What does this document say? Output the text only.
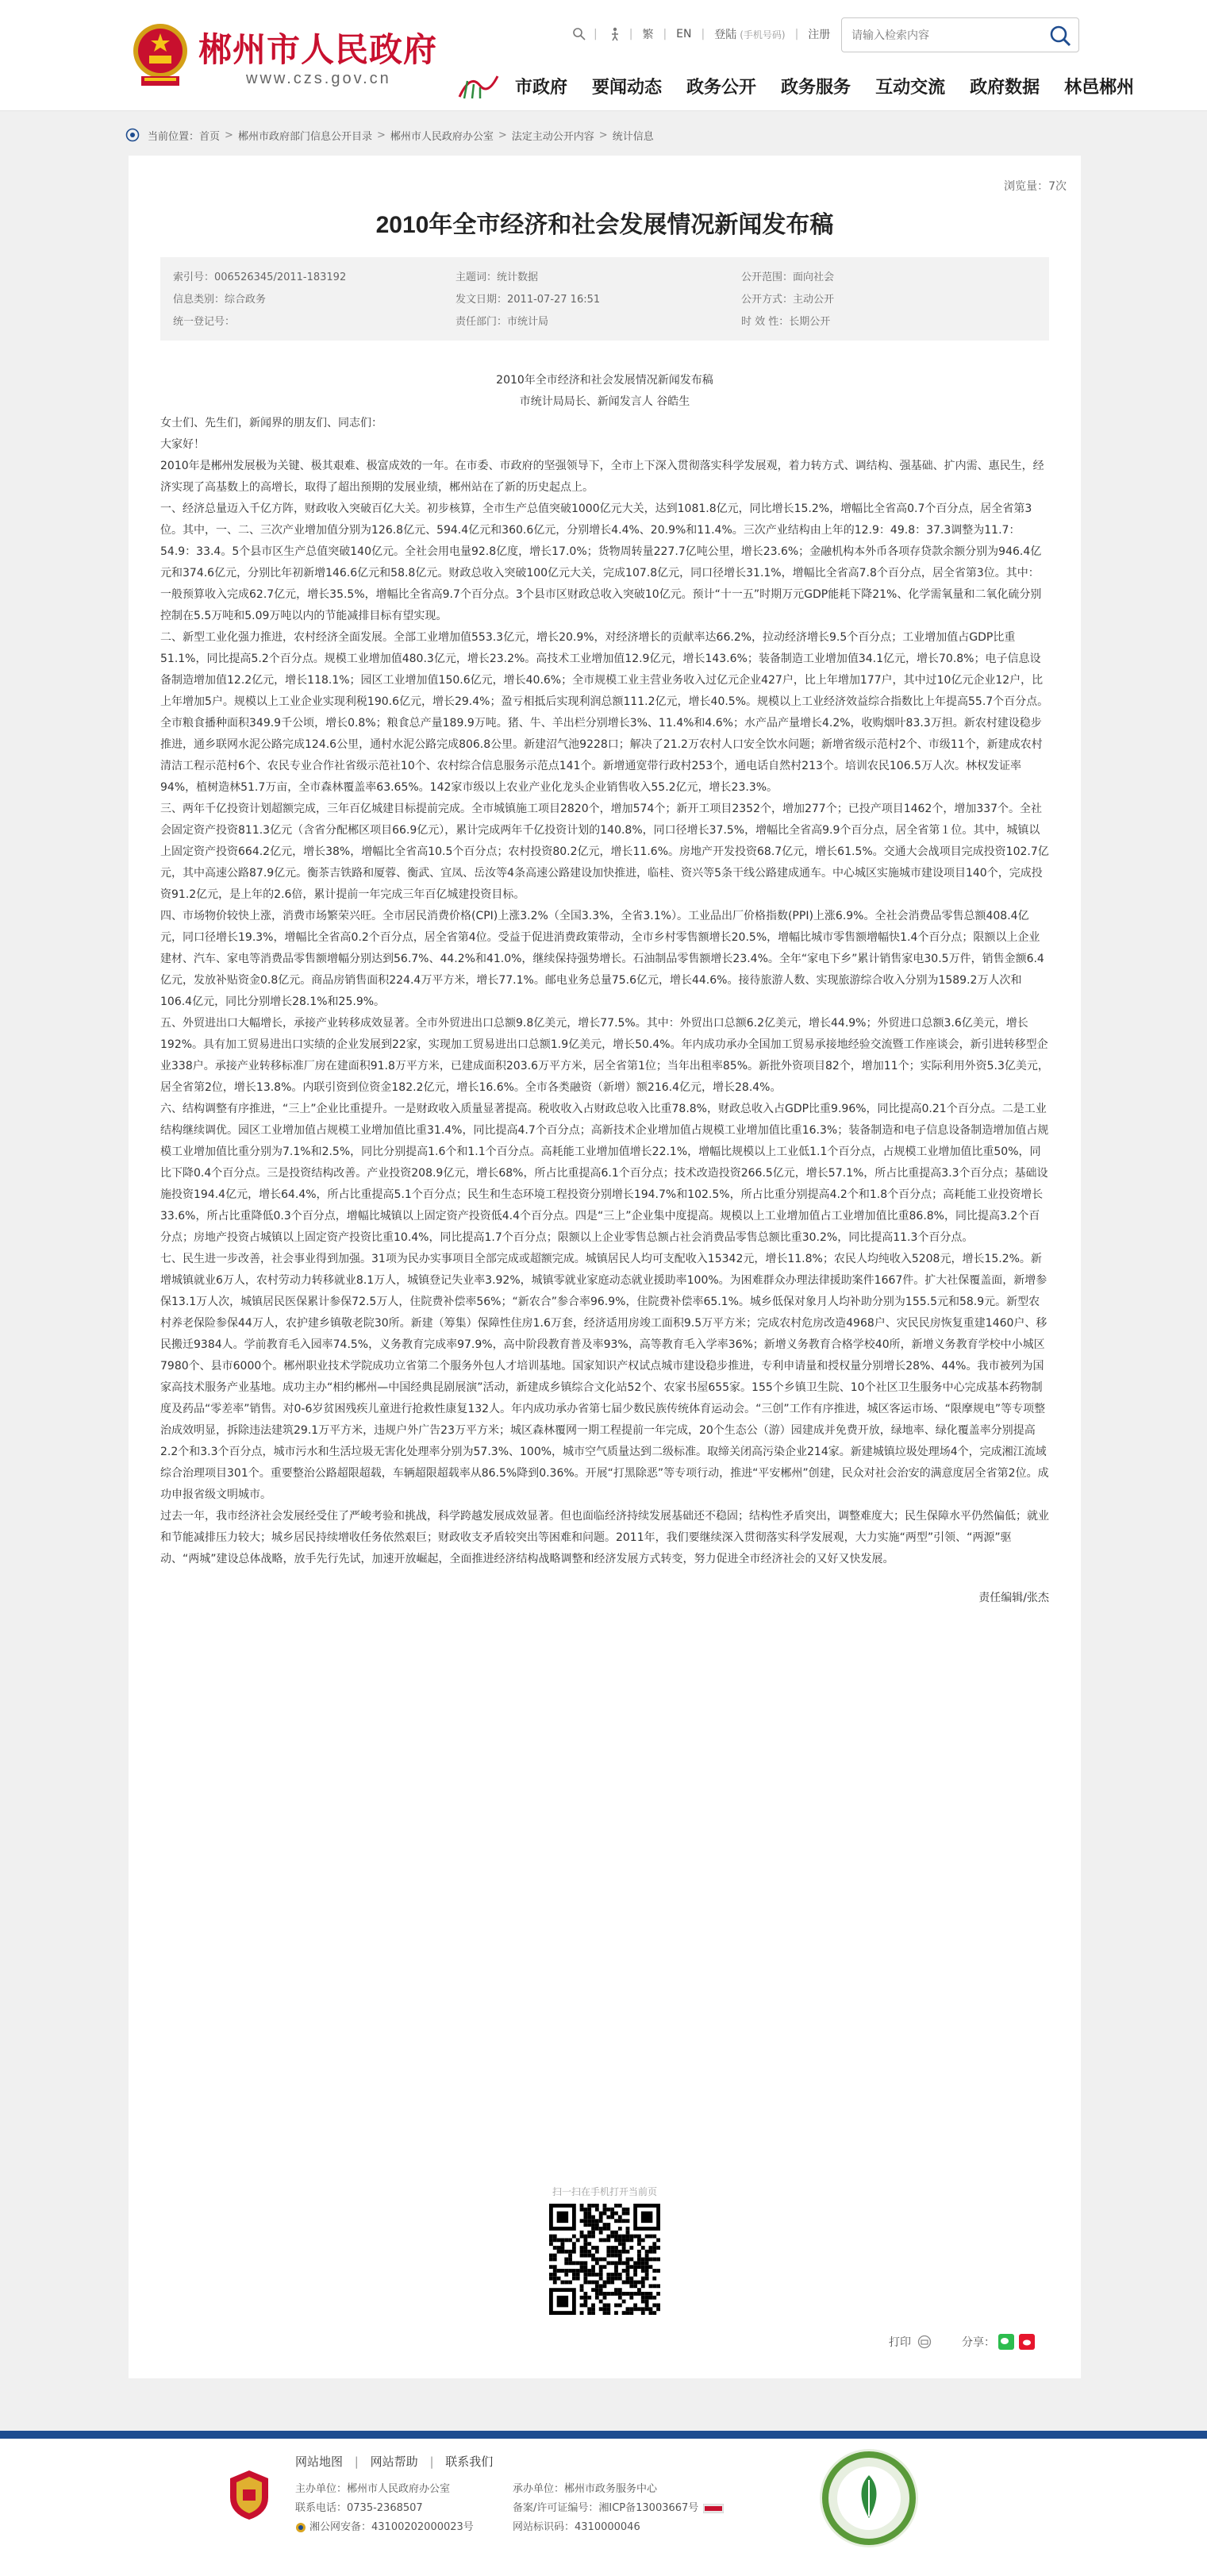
郴州市人民政府
www.czs.gov.cn
|	| 繁 | EN | 登陆 (手机号码) | 注册
请输入检索内容
市政府 要闻动态 政务公开 政务服务 互动交流 政府数据 林邑郴州
当前位置： 首页 > 郴州市政府部门信息公开目录 > 郴州市人民政府办公室 > 法定主动公开内容 > 统计信息
浏览量：7次
2010年全市经济和社会发展情况新闻发布稿
索引号：006526345/2011-183192
信息类别：综合政务
统一登记号：
主题词：统计数据
发文日期：2011-07-27 16:51
责任部门：市统计局
公开范围：面向社会
公开方式：主动公开
时 效 性：长期公开

2010年全市经济和社会发展情况新闻发布稿

市统计局局长、新闻发言人 谷皓生

女士们、先生们，新闻界的朋友们、同志们：

大家好！

2010年是郴州发展极为关键、极其艰难、极富成效的一年。在市委、市政府的坚强领导下，全市上下深入贯彻落实科学发展观，着力转方式、调结构、强基础、扩内需、惠民生，经济实现了高基数上的高增长，取得了超出预期的发展业绩，郴州站在了新的历史起点上。

一、经济总量迈入千亿方阵，财政收入突破百亿大关。初步核算，全市生产总值突破1000亿元大关，达到1081.8亿元，同比增长15.2%，增幅比全省高0.7个百分点，居全省第3位。其中，一、二、三次产业增加值分别为126.8亿元、594.4亿元和360.6亿元，分别增长4.4%、20.9%和11.4%。三次产业结构由上年的12.9：49.8：37.3调整为11.7：54.9：33.4。5个县市区生产总值突破140亿元。全社会用电量92.8亿度，增长17.0%；货物周转量227.7亿吨公里，增长23.6%；金融机构本外币各项存贷款余额分别为946.4亿元和374.6亿元，分别比年初新增146.6亿元和58.8亿元。财政总收入突破100亿元大关，完成107.8亿元，同口径增长31.1%，增幅比全省高7.8个百分点，居全省第3位。其中：一般预算收入完成62.7亿元，增长35.5%，增幅比全省高9.7个百分点。3个县市区财政总收入突破10亿元。预计“十一五”时期万元GDP能耗下降21%、化学需氧量和二氧化硫分别控制在5.5万吨和5.09万吨以内的节能减排目标有望实现。

二、新型工业化强力推进，农村经济全面发展。全部工业增加值553.3亿元，增长20.9%，对经济增长的贡献率达66.2%，拉动经济增长9.5个百分点；工业增加值占GDP比重51.1%，同比提高5.2个百分点。规模工业增加值480.3亿元，增长23.2%。高技术工业增加值12.9亿元，增长143.6%；装备制造工业增加值34.1亿元，增长70.8%；电子信息设备制造增加值12.2亿元，增长118.1%；园区工业增加值150.6亿元，增长40.6%；全市规模工业主营业务收入过亿元企业427户，比上年增加177户，其中过10亿元企业12户，比上年增加5户。规模以上工业企业实现利税190.6亿元，增长29.4%；盈亏相抵后实现利润总额111.2亿元，增长40.5%。规模以上工业经济效益综合指数比上年提高55.7个百分点。

全市粮食播种面积349.9千公顷，增长0.8%；粮食总产量189.9万吨。猪、牛、羊出栏分别增长3%、11.4%和4.6%；水产品产量增长4.2%，收购烟叶83.3万担。新农村建设稳步推进，通乡联网水泥公路完成124.6公里，通村水泥公路完成806.8公里。新建沼气池9228口；解决了21.2万农村人口安全饮水问题；新增省级示范村2个、市级11个，新建成农村清洁工程示范村6个、农民专业合作社省级示范社10个、农村综合信息服务示范点141个。新增通宽带行政村253个，通电话自然村213个。培训农民106.5万人次。林权发证率94%，植树造林51.7万亩，全市森林覆盖率63.65%。142家市级以上农业产业化龙头企业销售收入55.2亿元，增长23.3%。

三、两年千亿投资计划超额完成，三年百亿城建目标提前完成。全市城镇施工项目2820个，增加574个；新开工项目2352个，增加277个；已投产项目1462个，增加337个。全社会固定资产投资811.3亿元（含省分配郴区项目66.9亿元），累计完成两年千亿投资计划的140.8%，同口径增长37.5%，增幅比全省高9.9个百分点，居全省第１位。其中，城镇以上固定资产投资664.2亿元，增长38%，增幅比全省高10.5个百分点；农村投资80.2亿元，增长11.6%。房地产开发投资68.7亿元，增长61.5%。交通大会战项目完成投资102.7亿元，其中高速公路87.9亿元。衡茶吉铁路和厦蓉、衡武、宜凤、岳汝等4条高速公路建设加快推进，临桂、资兴等5条干线公路建成通车。中心城区实施城市建设项目140个，完成投资91.2亿元，是上年的2.6倍，累计提前一年完成三年百亿城建投资目标。

四、市场物价较快上涨，消费市场繁荣兴旺。全市居民消费价格(CPI)上涨3.2%（全国3.3%，全省3.1%）。工业品出厂价格指数(PPI)上涨6.9%。全社会消费品零售总额408.4亿元，同口径增长19.3%，增幅比全省高0.2个百分点，居全省第4位。受益于促进消费政策带动，全市乡村零售额增长20.5%，增幅比城市零售额增幅快1.4个百分点；限额以上企业建材、汽车、家电等消费品零售额增幅分别达到56.7%、44.2%和41.0%，继续保持强势增长。石油制品零售额增长23.4%。全年“家电下乡”累计销售家电30.5万件，销售金额6.4亿元，发放补贴资金0.8亿元。商品房销售面积224.4万平方米，增长77.1%。邮电业务总量75.6亿元，增长44.6%。接待旅游人数、实现旅游综合收入分别为1589.2万人次和106.4亿元，同比分别增长28.1%和25.9%。

五、外贸进出口大幅增长，承接产业转移成效显著。全市外贸进出口总额9.8亿美元，增长77.5%。其中：外贸出口总额6.2亿美元，增长44.9%；外贸进口总额3.6亿美元，增长192%。具有加工贸易进出口实绩的企业发展到22家，实现加工贸易进出口总额1.9亿美元，增长50.4%。年内成功承办全国加工贸易承接地经验交流暨工作座谈会，新引进转移型企业338户。承接产业转移标准厂房在建面积91.8万平方米，已建成面积203.6万平方米，居全省第1位；当年出租率85%。新批外资项目82个，增加11个；实际利用外资5.3亿美元，居全省第2位，增长13.8%。内联引资到位资金182.2亿元，增长16.6%。全市各类融资（新增）额216.4亿元，增长28.4%。

六、结构调整有序推进，“三上”企业比重提升。一是财政收入质量显著提高。税收收入占财政总收入比重78.8%，财政总收入占GDP比重9.96%，同比提高0.21个百分点。二是工业结构继续调优。园区工业增加值占规模工业增加值比重31.4%，同比提高4.7个百分点；高新技术企业增加值占规模工业增加值比重16.3%；装备制造和电子信息设备制造增加值占规模工业增加值比重分别为7.1%和2.5%，同比分别提高1.6个和1.1个百分点。高耗能工业增加值增长22.1%，增幅比规模以上工业低1.1个百分点，占规模工业增加值比重50%，同比下降0.4个百分点。三是投资结构改善。产业投资208.9亿元，增长68%，所占比重提高6.1个百分点；技术改造投资266.5亿元，增长57.1%，所占比重提高3.3个百分点；基础设施投资194.4亿元，增长64.4%，所占比重提高5.1个百分点；民生和生态环境工程投资分别增长194.7%和102.5%，所占比重分别提高4.2个和1.8个百分点；高耗能工业投资增长33.6%，所占比重降低0.3个百分点，增幅比城镇以上固定资产投资低4.4个百分点。四是“三上”企业集中度提高。规模以上工业增加值占工业增加值比重86.8%，同比提高3.2个百分点；房地产投资占城镇以上固定资产投资比重10.4%，同比提高1.7个百分点；限额以上企业零售总额占社会消费品零售总额比重30.2%，同比提高11.3个百分点。

七、民生进一步改善，社会事业得到加强。31项为民办实事项目全部完成或超额完成。城镇居民人均可支配收入15342元，增长11.8%；农民人均纯收入5208元，增长15.2%。新增城镇就业6万人，农村劳动力转移就业8.1万人，城镇登记失业率3.92%，城镇零就业家庭动态就业援助率100%。为困难群众办理法律援助案件1667件。扩大社保覆盖面，新增参保13.1万人次，城镇居民医保累计参保72.5万人，住院费补偿率56%；“新农合”参合率96.9%，住院费补偿率65.1%。城乡低保对象月人均补助分别为155.5元和58.9元。新型农村养老保险参保44万人，农护建乡镇敬老院30所。新建（筹集）保障性住房1.6万套，经济适用房竣工面积9.5万平方米；完成农村危房改造4968户、灾民民房恢复重建1460户、移民搬迁9384人。学前教育毛入园率74.5%，义务教育完成率97.9%，高中阶段教育普及率93%，高等教育毛入学率36%；新增义务教育合格学校40所，新增义务教育学校中小城区7980个、县市6000个。郴州职业技术学院成功立省第二个服务外包人才培训基地。国家知识产权试点城市建设稳步推进，专利申请量和授权量分别增长28%、44%。我市被列为国家高技术服务产业基地。成功主办“相约郴州—中国经典昆剧展演”活动，新建成乡镇综合文化站52个、农家书屋655家。155个乡镇卫生院、10个社区卫生服务中心完成基本药物制度及药品“零差率”销售。对0-6岁贫困残疾儿童进行抢救性康复132人。年内成功承办省第七届少数民族传统体育运动会。“三创”工作有序推进，城区客运市场、“限摩规电”等专项整治成效明显，拆除违法建筑29.1万平方米，违规户外广告23万平方米；城区森林覆网一期工程提前一年完成，20个生态公（游）园建成并免费开放，绿地率、绿化覆盖率分别提高2.2个和3.3个百分点，城市污水和生活垃圾无害化处理率分别为57.3%、100%，城市空气质量达到二级标准。取缔关闭高污染企业214家。新建城镇垃圾处理场4个，完成湘江流域综合治理项目301个。重要整治公路超限超载，车辆超限超载率从86.5%降到0.36%。开展“打黑除恶”等专项行动，推进“平安郴州”创建，民众对社会治安的满意度居全省第2位。成功申报省级文明城市。

过去一年，我市经济社会发展经受住了严峻考验和挑战，科学跨越发展成效显著。但也面临经济持续发展基础还不稳固；结构性矛盾突出，调整难度大；民生保障水平仍然偏低；就业和节能减排压力较大；城乡居民持续增收任务依然艰巨；财政收支矛盾较突出等困难和问题。2011年，我们要继续深入贯彻落实科学发展观，大力实施“两型”引领、“两源”驱动、“两城”建设总体战略，放手先行先试，加速开放崛起，全面推进经济结构战略调整和经济发展方式转变，努力促进全市经济社会的又好又快发展。

责任编辑/张杰

扫一扫在手机打开当前页
打印	分享：
网站地图 | 网站帮助 | 联系我们
主办单位：郴州市人民政府办公室
联系电话：0735-2368507
湘公网安备：43100202000023号
承办单位：郴州市政务服务中心
备案/许可证编号：湘ICP备13003667号
网站标识码：4310000046
